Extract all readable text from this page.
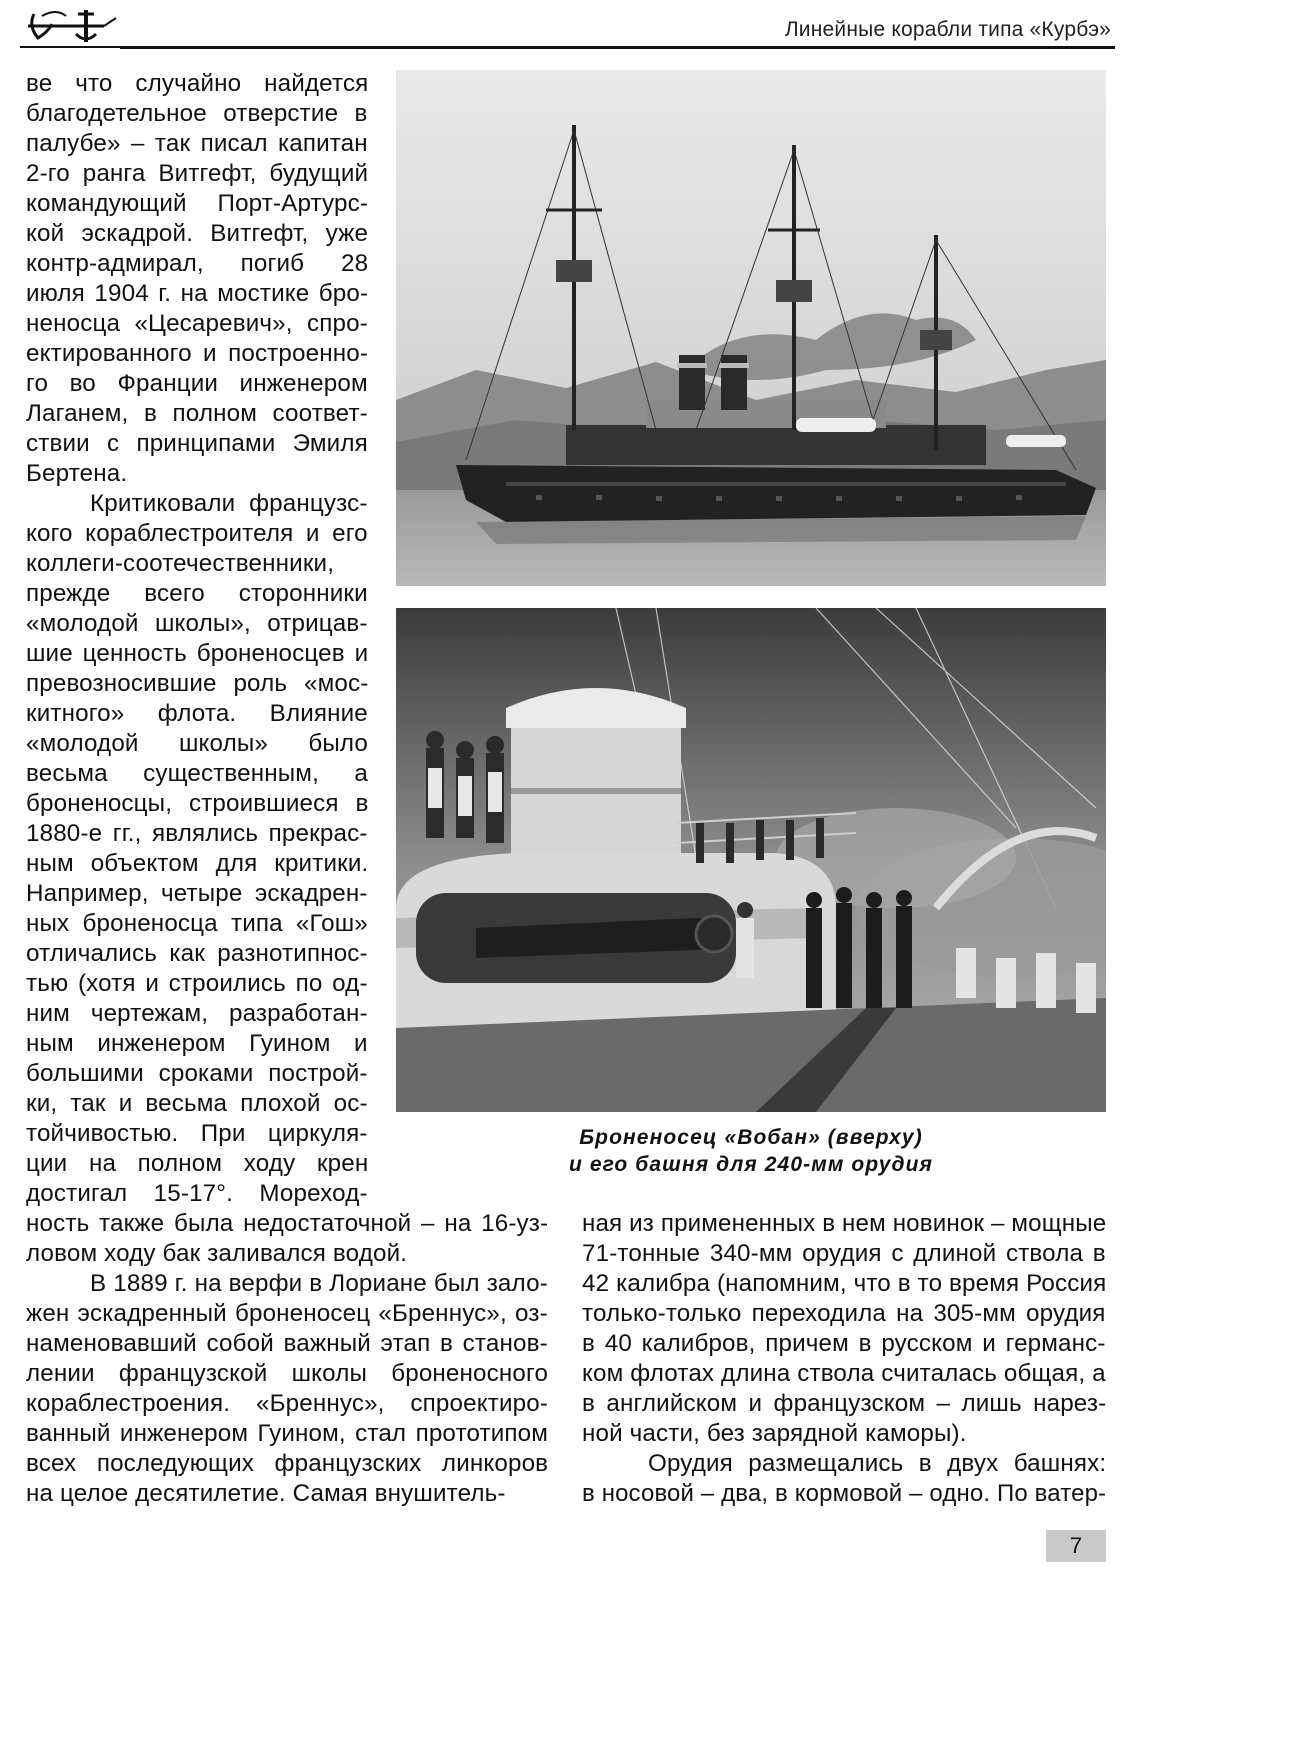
Линейные корабли типа «Курбэ»
ве что случайно найдется
благодетельное отверстие в
палубе» – так писал капитан
2-го ранга Витгефт, будущий
командующий Порт-Артурс-
кой эскадрой. Витгефт, уже
контр-адмирал, погиб 28
июля 1904 г. на мостике бро-
неносца «Цесаревич», спро-
ектированного и построенно-
го во Франции инженером
Лаганем, в полном соответ-
ствии с принципами Эмиля
Бертена.
Критиковали французс-
кого кораблестроителя и его
коллеги-соотечественники,
прежде всего сторонники
«молодой школы», отрицав-
шие ценность броненосцев и
превозносившие роль «мос-
китного» флота. Влияние
«молодой школы» было
весьма существенным, а
броненосцы, строившиеся в
1880-е гг., являлись прекрас-
ным объектом для критики.
Например, четыре эскадрен-
ных броненосца типа «Гош»
отличались как разнотипнос-
тью (хотя и строились по од-
ним чертежам, разработан-
ным инженером Гуином и
большими сроками построй-
ки, так и весьма плохой ос-
тойчивостью. При циркуля-
ции на полном ходу крен
достигал 15-17°. Мореход-
ность также была недостаточной – на 16-уз-
ловом ходу бак заливался водой.
В 1889 г. на верфи в Лориане был зало-
жен эскадренный броненосец «Бреннус», оз-
наменовавший собой важный этап в станов-
лении французской школы броненосного
кораблестроения. «Бреннус», спроектиро-
ванный инженером Гуином, стал прототипом
всех последующих французских линкоров
на целое десятилетие. Самая внушитель-
ная из примененных в нем новинок – мощные
71-тонные 340-мм орудия с длиной ствола в
42 калибра (напомним, что в то время Россия
только-только переходила на 305-мм орудия
в 40 калибров, причем в русском и германс-
ком флотах длина ствола считалась общая, а
в английском и французском – лишь нарез-
ной части, без зарядной каморы).
Орудия размещались в двух башнях:
в носовой – два, в кормовой – одно. По ватер-
Броненосец «Вобан» (вверху)
и его башня для 240-мм орудия
7
